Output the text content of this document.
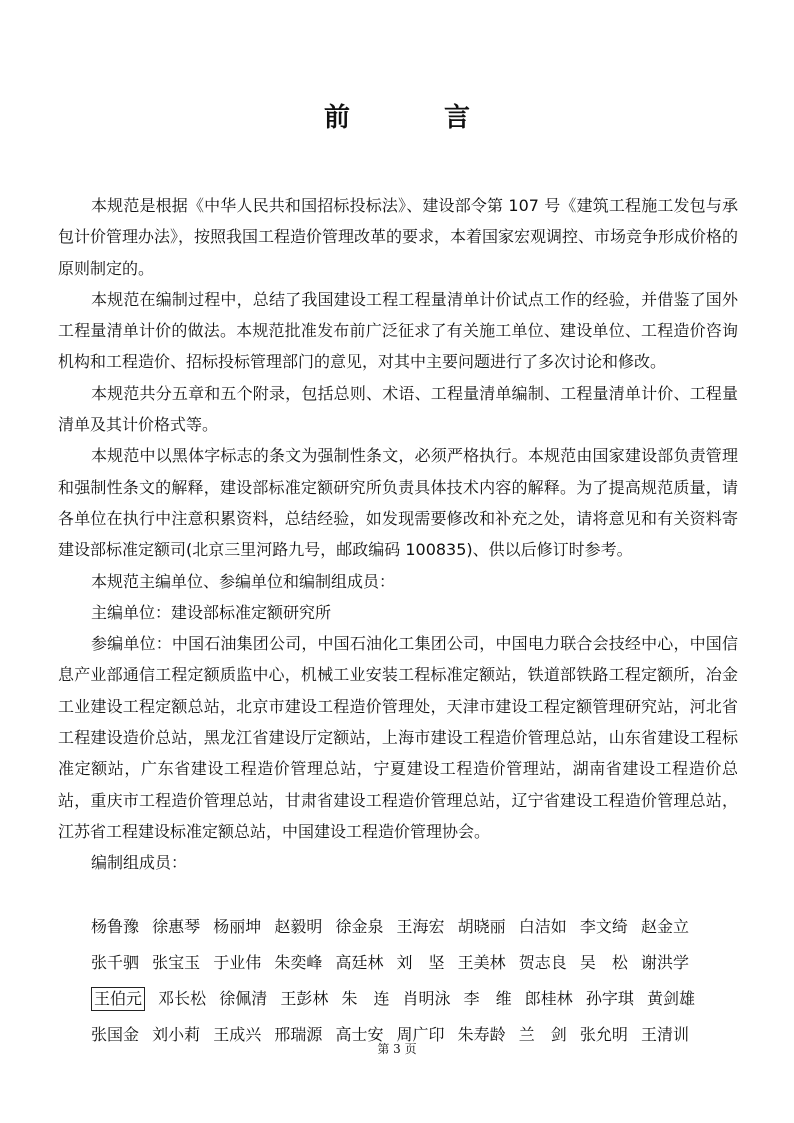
前　言

本规范是根据《中华人民共和国招标投标法》、建设部令第 107 号《建筑工程施工发包与承包计价管理办法》，按照我国工程造价管理改革的要求，本着国家宏观调控、市场竞争形成价格的原则制定的。

本规范在编制过程中，总结了我国建设工程工程量清单计价试点工作的经验，并借鉴了国外工程量清单计价的做法。本规范批准发布前广泛征求了有关施工单位、建设单位、工程造价咨询机构和工程造价、招标投标管理部门的意见，对其中主要问题进行了多次讨论和修改。

本规范共分五章和五个附录，包括总则、术语、工程量清单编制、工程量清单计价、工程量清单及其计价格式等。

本规范中以黑体字标志的条文为强制性条文，必须严格执行。本规范由国家建设部负责管理和强制性条文的解释，建设部标准定额研究所负责具体技术内容的解释。为了提高规范质量，请各单位在执行中注意积累资料，总结经验，如发现需要修改和补充之处，请将意见和有关资料寄建设部标准定额司(北京三里河路九号，邮政编码 100835)、供以后修订时参考。

本规范主编单位、参编单位和编制组成员：

主编单位：建设部标准定额研究所

参编单位：中国石油集团公司，中国石油化工集团公司，中国电力联合会技经中心，中国信息产业部通信工程定额质监中心，机械工业安装工程标准定额站，铁道部铁路工程定额所，冶金工业建设工程定额总站，北京市建设工程造价管理处，天津市建设工程定额管理研究站，河北省工程建设造价总站，黑龙江省建设厅定额站，上海市建设工程造价管理总站，山东省建设工程标准定额站，广东省建设工程造价管理总站，宁夏建设工程造价管理站，湖南省建设工程造价总站，重庆市工程造价管理总站，甘肃省建设工程造价管理总站，辽宁省建设工程造价管理总站，江苏省工程建设标准定额总站，中国建设工程造价管理协会。

编制组成员：

杨鲁豫 徐惠琴 杨丽坤 赵毅明 徐金泉 王海宏 胡晓丽 白洁如 李文绮 赵金立
张千驷 张宝玉 于业伟 朱奕峰 高廷林 刘　坚 王美林 贺志良 吴　松 谢洪学
王伯元 邓长松 徐佩清 王彭林 朱　连 肖明泳 李　维 郎桂林 孙字琪 黄剑雄
张国金 刘小莉 王成兴 邢瑞源 高士安 周广印 朱寿龄 兰　剑 张允明 王清训
第 3 页
